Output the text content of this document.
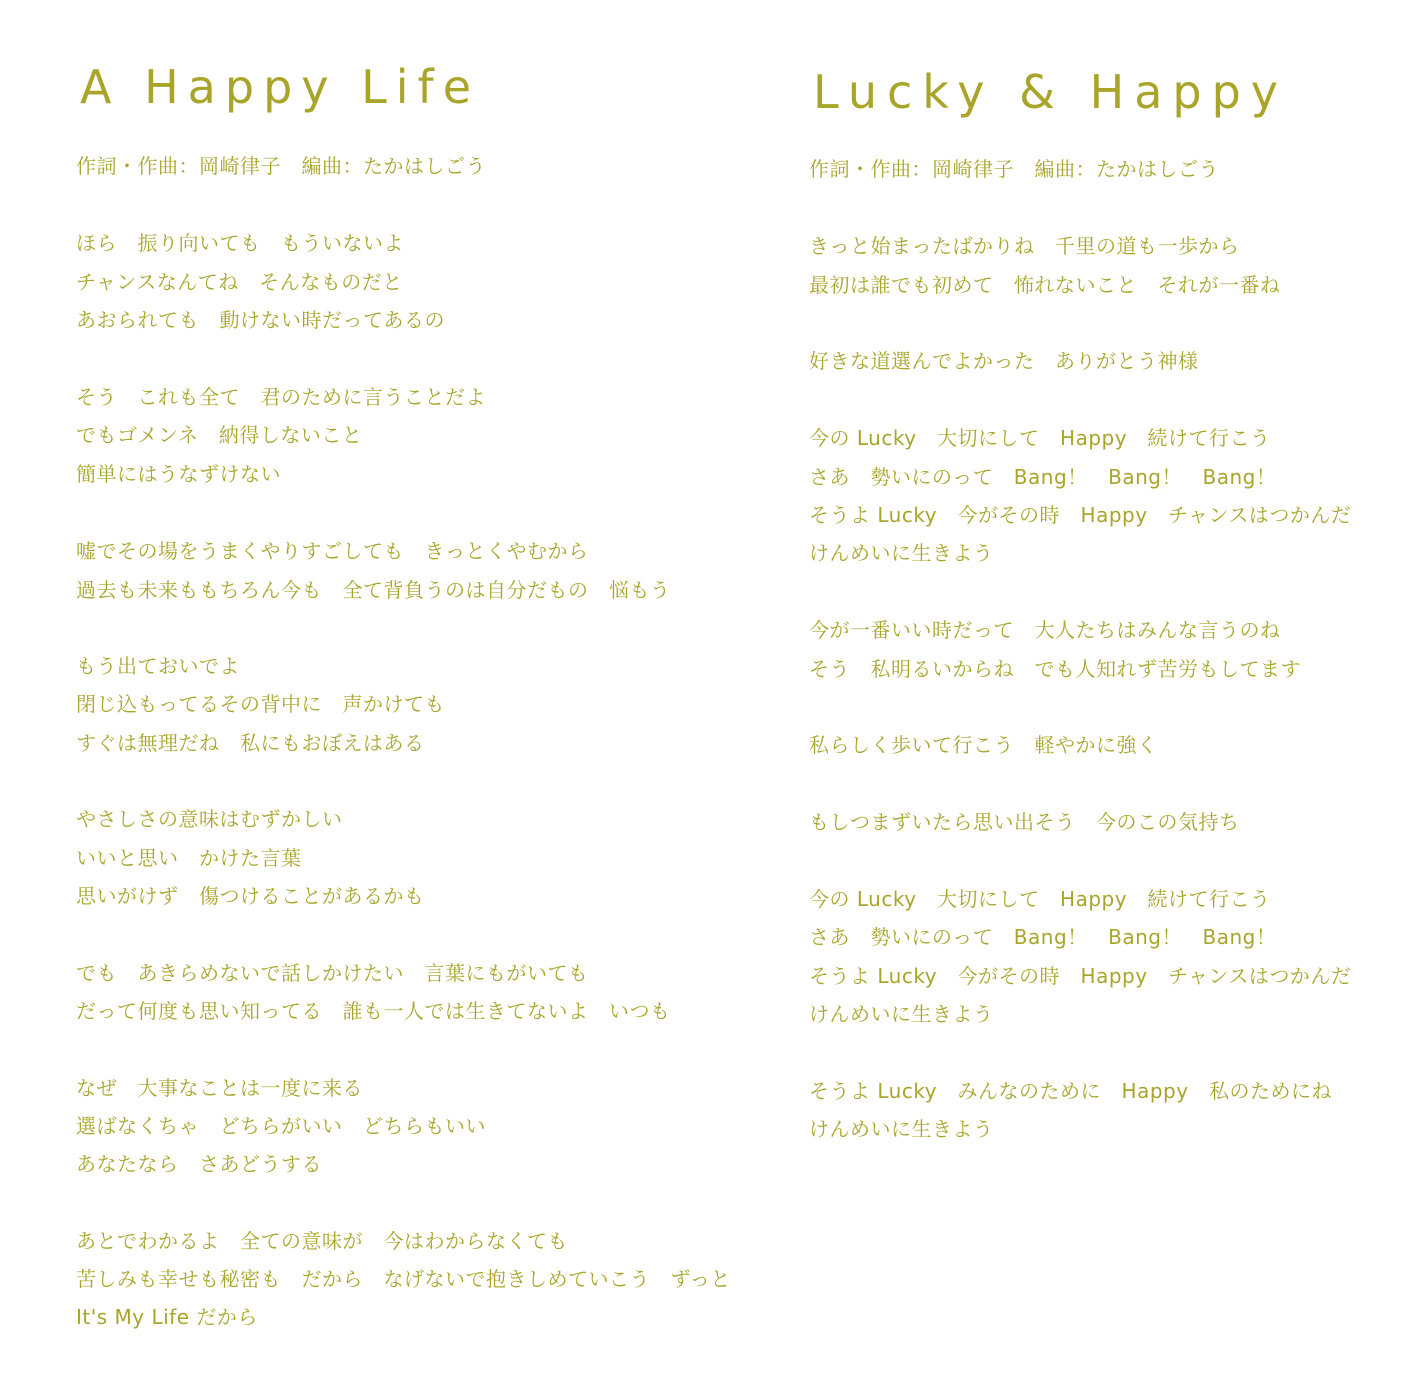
A Happy Life
作詞・作曲：岡崎律子　編曲：たかはしごう
ほら　振り向いても　もういないよ
チャンスなんてね　そんなものだと
あおられても　動けない時だってあるの
そう　これも全て　君のために言うことだよ
でもゴメンネ　納得しないこと
簡単にはうなずけない
嘘でその場をうまくやりすごしても　きっとくやむから
過去も未来ももちろん今も　全て背負うのは自分だもの　悩もう
もう出ておいでよ
閉じ込もってるその背中に　声かけても
すぐは無理だね　私にもおぼえはある
やさしさの意味はむずかしい
いいと思い　かけた言葉
思いがけず　傷つけることがあるかも
でも　あきらめないで話しかけたい　言葉にもがいても
だって何度も思い知ってる　誰も一人では生きてないよ　いつも
なぜ　大事なことは一度に来る
選ばなくちゃ　どちらがいい　どちらもいい
あなたなら　さあどうする
あとでわかるよ　全ての意味が　今はわからなくても
苦しみも幸せも秘密も　だから　なげないで抱きしめていこう　ずっと
It's My Life だから
Lucky & Happy
作詞・作曲：岡崎律子　編曲：たかはしごう
きっと始まったばかりね　千里の道も一歩から
最初は誰でも初めて　怖れないこと　それが一番ね
好きな道選んでよかった　ありがとう神様
今の Lucky　大切にして　Happy　続けて行こう
さあ　勢いにのって　Bang！　Bang！　Bang！
そうよ Lucky　今がその時　Happy　チャンスはつかんだ
けんめいに生きよう
今が一番いい時だって　大人たちはみんな言うのね
そう　私明るいからね　でも人知れず苦労もしてます
私らしく歩いて行こう　軽やかに強く
もしつまずいたら思い出そう　今のこの気持ち
今の Lucky　大切にして　Happy　続けて行こう
さあ　勢いにのって　Bang！　Bang！　Bang！
そうよ Lucky　今がその時　Happy　チャンスはつかんだ
けんめいに生きよう
そうよ Lucky　みんなのために　Happy　私のためにね
けんめいに生きよう
